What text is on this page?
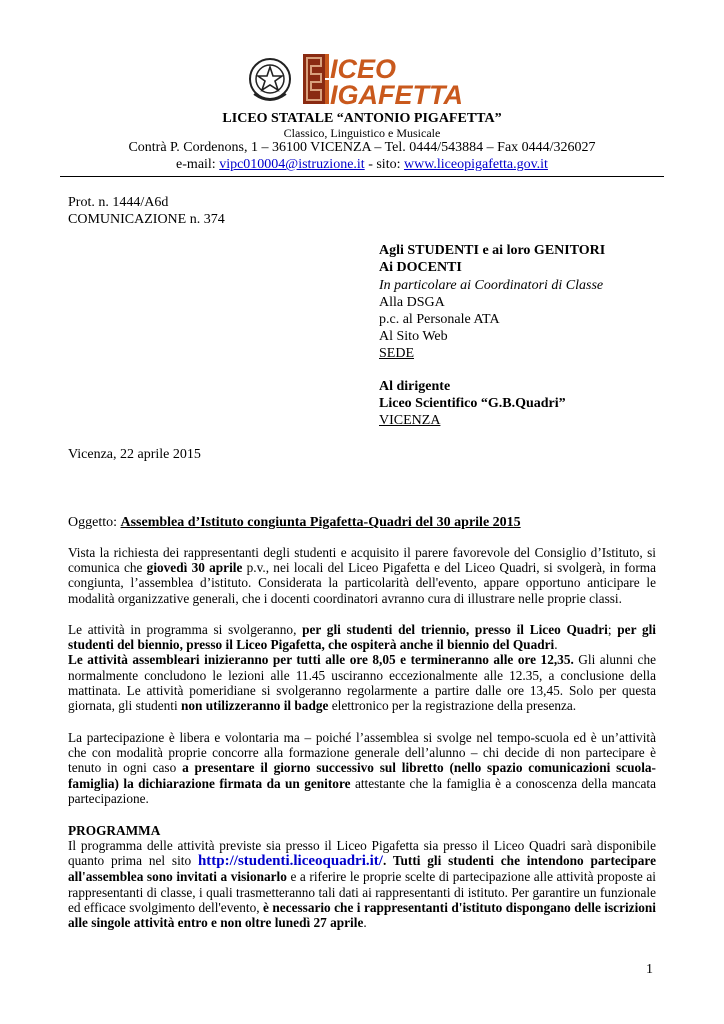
ICEO
IGAFETTA
LICEO STATALE “ANTONIO PIGAFETTA”
Classico, Linguistico e Musicale
Contrà P. Cordenons, 1 – 36100 VICENZA – Tel. 0444/543884 – Fax 0444/326027
e-mail: vipc010004@istruzione.it - sito: www.liceopigafetta.gov.it
Prot. n. 1444/A6d
COMUNICAZIONE n. 374
Agli STUDENTI e ai loro GENITORI
Ai DOCENTI
In particolare ai Coordinatori di Classe
Alla DSGA
p.c. al Personale ATA
Al Sito Web
SEDE
Al dirigente
Liceo Scientifico “G.B.Quadri”
VICENZA
Vicenza, 22 aprile 2015
Oggetto: Assemblea d’Istituto congiunta Pigafetta-Quadri del 30 aprile 2015
Vista la richiesta dei rappresentanti degli studenti e acquisito il parere favorevole del Consiglio d’Istituto, si comunica che giovedì 30 aprile p.v., nei locali del Liceo Pigafetta e del Liceo Quadri, si svolgerà, in forma congiunta, l’assemblea d’istituto. Considerata la particolarità dell'evento, appare opportuno anticipare le modalità organizzative generali, che i docenti coordinatori avranno cura di illustrare nelle proprie classi.
Le attività in programma si svolgeranno, per gli studenti del triennio, presso il Liceo Quadri; per gli studenti del biennio, presso il Liceo Pigafetta, che ospiterà anche il biennio del Quadri.
Le attività assembleari inizieranno per tutti alle ore 8,05 e termineranno alle ore 12,35. Gli alunni che normalmente concludono le lezioni alle 11.45 usciranno eccezionalmente alle 12.35, a conclusione della mattinata. Le attività pomeridiane si svolgeranno regolarmente a partire dalle ore 13,45. Solo per questa giornata, gli studenti non utilizzeranno il badge elettronico per la registrazione della presenza.
La partecipazione è libera e volontaria ma – poiché l’assemblea si svolge nel tempo-scuola ed è un’attività che con modalità proprie concorre alla formazione generale dell’alunno – chi decide di non partecipare è tenuto in ogni caso a presentare il giorno successivo sul libretto (nello spazio comunicazioni scuola-famiglia) la dichiarazione firmata da un genitore attestante che la famiglia è a conoscenza della mancata partecipazione.
PROGRAMMA
Il programma delle attività previste sia presso il Liceo Pigafetta sia presso il Liceo Quadri sarà disponibile quanto prima nel sito http://studenti.liceoquadri.it/. Tutti gli studenti che intendono partecipare all'assemblea sono invitati a visionarlo e a riferire le proprie scelte di partecipazione alle attività proposte ai rappresentanti di classe, i quali trasmetteranno tali dati ai rappresentanti di istituto. Per garantire un funzionale ed efficace svolgimento dell'evento, è necessario che i rappresentanti d'istituto dispongano delle iscrizioni alle singole attività entro e non oltre lunedì 27 aprile.
1
